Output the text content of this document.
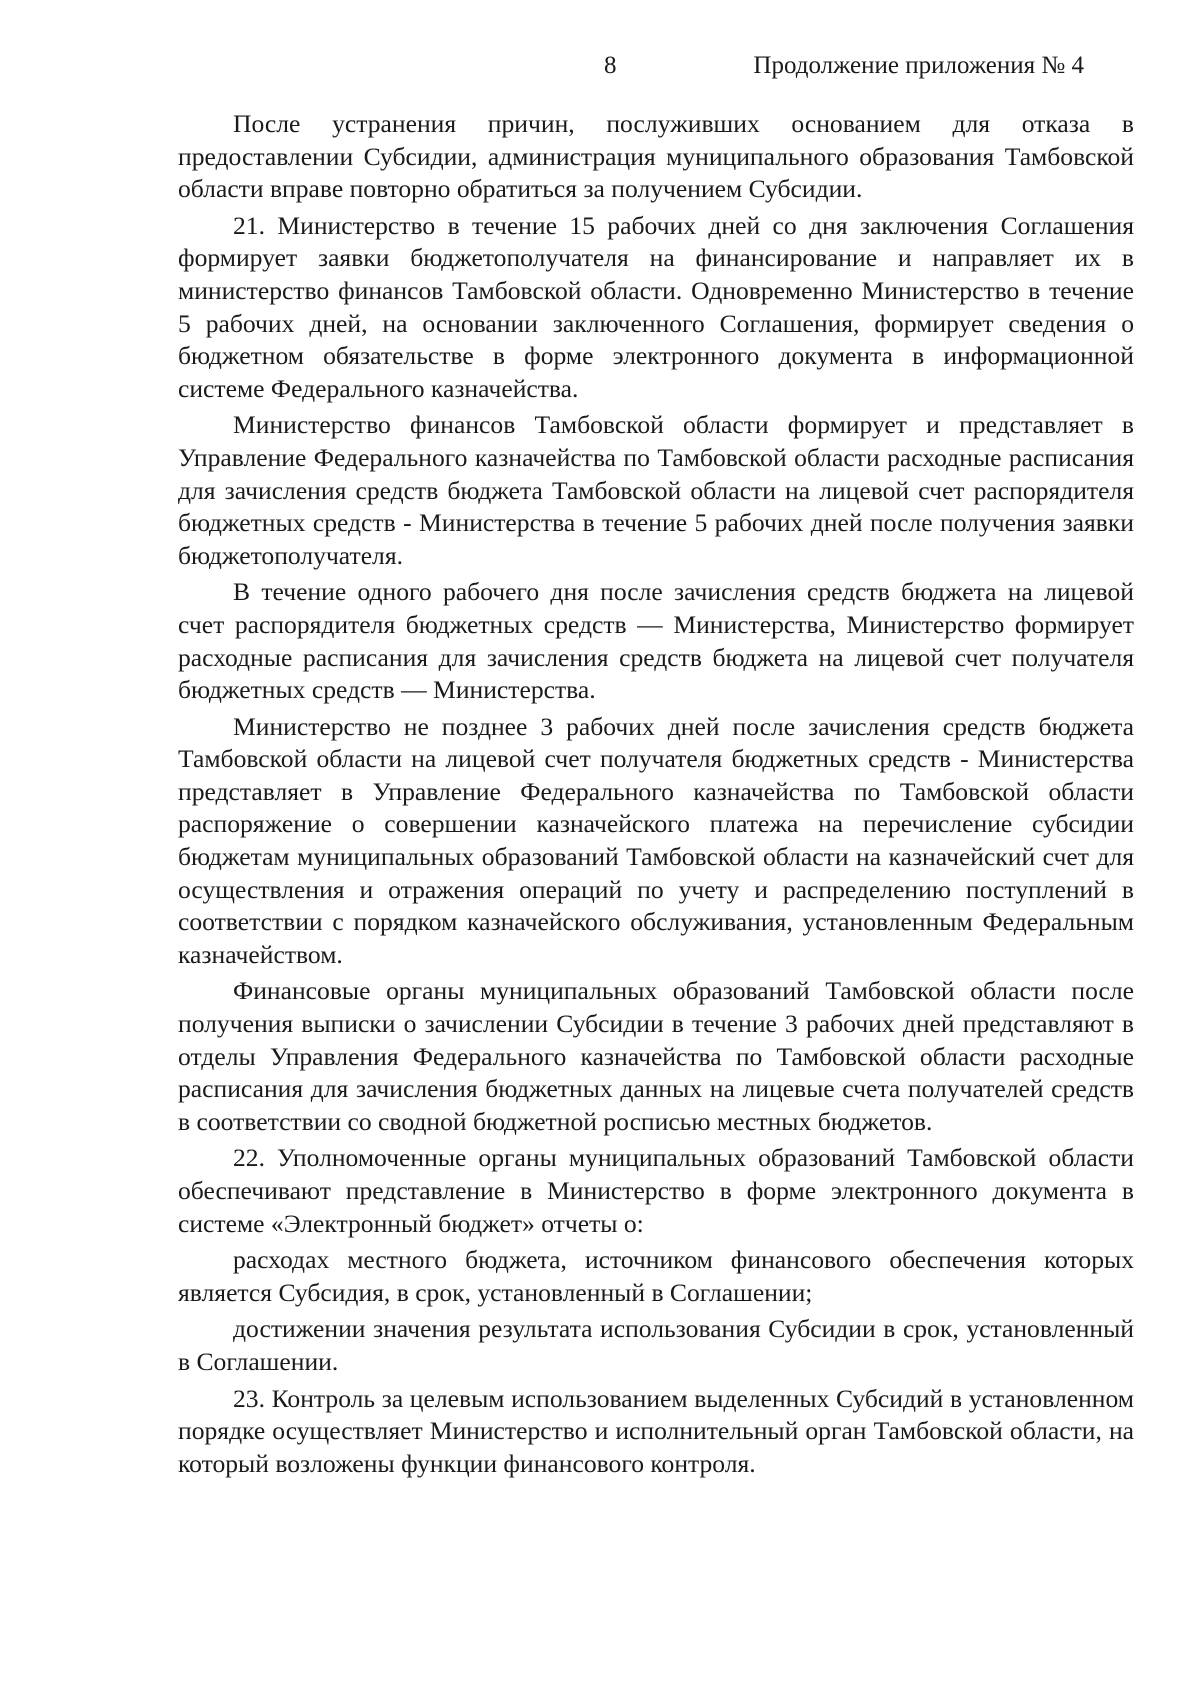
8	Продолжение приложения № 4

После устранения причин, послуживших основанием для отказа в предоставлении Субсидии, администрация муниципального образования Тамбовской области вправе повторно обратиться за получением Субсидии.

21. Министерство в течение 15 рабочих дней со дня заключения Соглашения формирует заявки бюджетополучателя на финансирование и направляет их в министерство финансов Тамбовской области. Одновременно Министерство в течение 5 рабочих дней, на основании заключенного Соглашения, формирует сведения о бюджетном обязательстве в форме электронного документа в информационной системе Федерального казначейства.

Министерство финансов Тамбовской области формирует и представляет в Управление Федерального казначейства по Тамбовской области расходные расписания для зачисления средств бюджета Тамбовской области на лицевой счет распорядителя бюджетных средств - Министерства в течение 5 рабочих дней после получения заявки бюджетополучателя.

В течение одного рабочего дня после зачисления средств бюджета на лицевой счет распорядителя бюджетных средств — Министерства, Министерство формирует расходные расписания для зачисления средств бюджета на лицевой счет получателя бюджетных средств — Министерства.

Министерство не позднее 3 рабочих дней после зачисления средств бюджета Тамбовской области на лицевой счет получателя бюджетных средств - Министерства представляет в Управление Федерального казначейства по Тамбовской области распоряжение о совершении казначейского платежа на перечисление субсидии бюджетам муниципальных образований Тамбовской области на казначейский счет для осуществления и отражения операций по учету и распределению поступлений в соответствии с порядком казначейского обслуживания, установленным Федеральным казначейством.

Финансовые органы муниципальных образований Тамбовской области после получения выписки о зачислении Субсидии в течение 3 рабочих дней представляют в отделы Управления Федерального казначейства по Тамбовской области расходные расписания для зачисления бюджетных данных на лицевые счета получателей средств в соответствии со сводной бюджетной росписью местных бюджетов.

22. Уполномоченные органы муниципальных образований Тамбовской области обеспечивают представление в Министерство в форме электронного документа в системе «Электронный бюджет» отчеты о:

расходах местного бюджета, источником финансового обеспечения которых является Субсидия, в срок, установленный в Соглашении;

достижении значения результата использования Субсидии в срок, установленный в Соглашении.

23. Контроль за целевым использованием выделенных Субсидий в установленном порядке осуществляет Министерство и исполнительный орган Тамбовской области, на который возложены функции финансового контроля.
